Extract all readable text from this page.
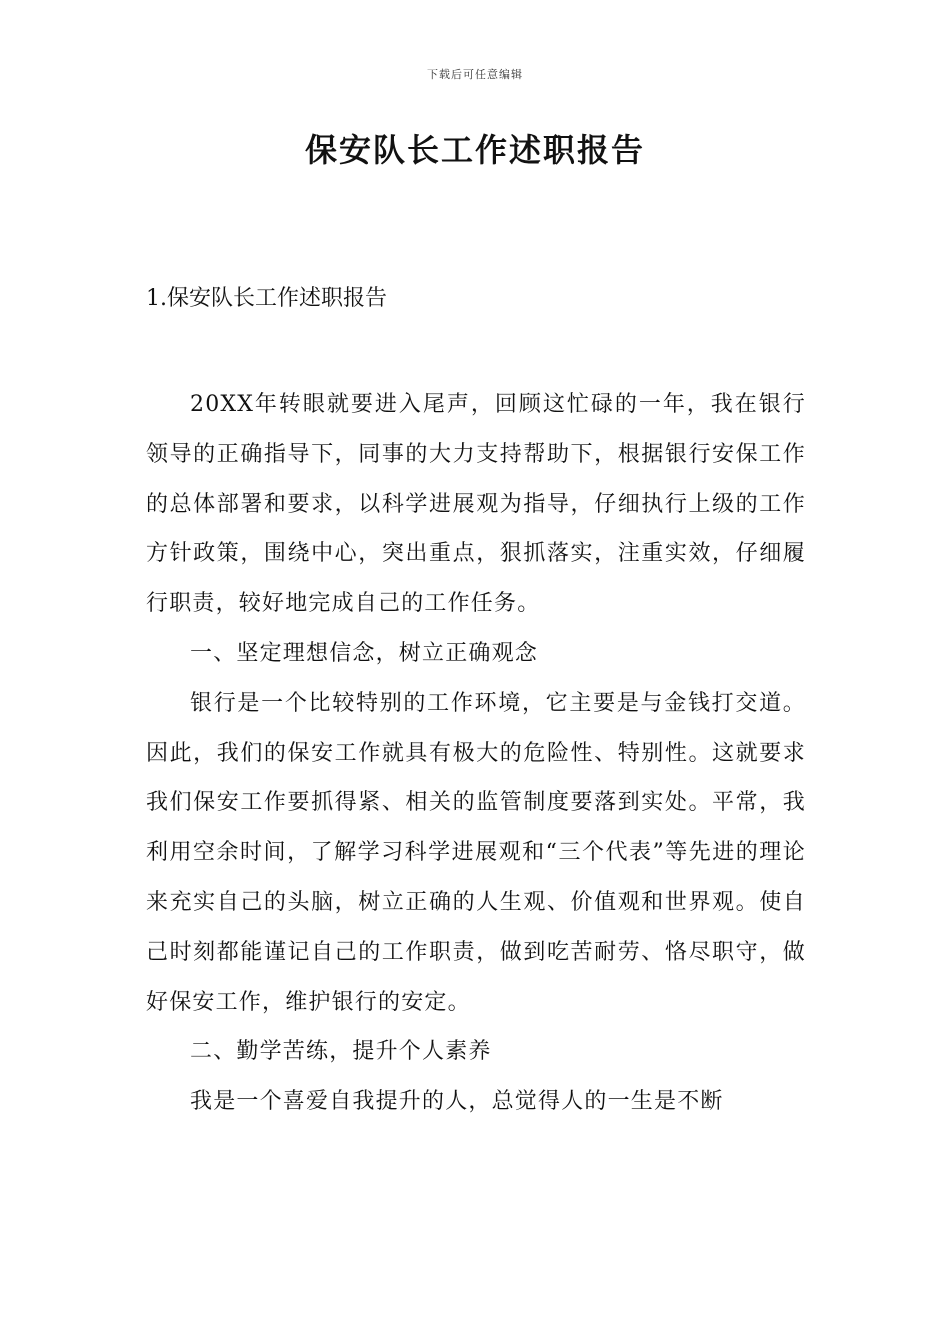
下载后可任意编辑
保安队长工作述职报告
1.保安队长工作述职报告

20XX年转眼就要进入尾声，回顾这忙碌的一年，我在银行领导的正确指导下，同事的大力支持帮助下，根据银行安保工作的总体部署和要求，以科学进展观为指导，仔细执行上级的工作方针政策，围绕中心，突出重点，狠抓落实，注重实效，仔细履行职责，较好地完成自己的工作任务。

一、坚定理想信念，树立正确观念

银行是一个比较特别的工作环境，它主要是与金钱打交道。因此，我们的保安工作就具有极大的危险性、特别性。这就要求我们保安工作要抓得紧、相关的监管制度要落到实处。平常，我利用空余时间，了解学习科学进展观和“三个代表”等先进的理论来充实自己的头脑，树立正确的人生观、价值观和世界观。使自己时刻都能谨记自己的工作职责，做到吃苦耐劳、恪尽职守，做好保安工作，维护银行的安定。

二、勤学苦练，提升个人素养

我是一个喜爱自我提升的人，总觉得人的一生是不断
